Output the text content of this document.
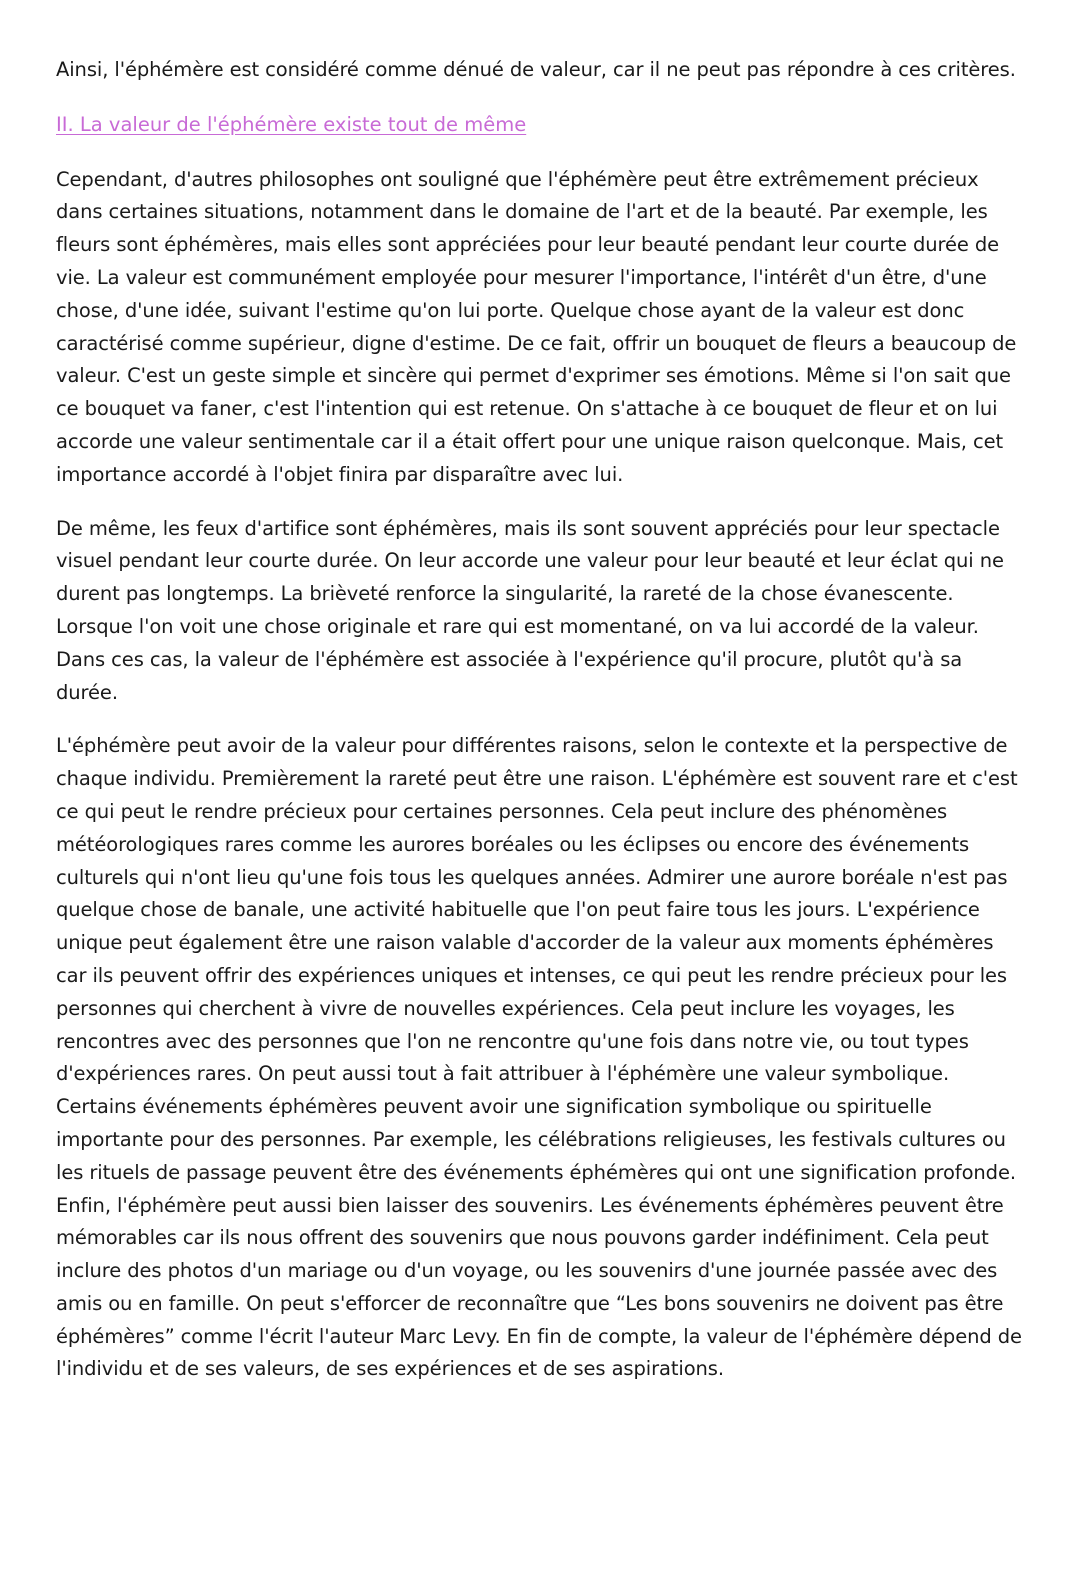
Ainsi, l'éphémère est considéré comme dénué de valeur, car il ne peut pas répondre à ces critères.

II. La valeur de l'éphémère existe tout de même

Cependant, d'autres philosophes ont souligné que l'éphémère peut être extrêmement précieux dans certaines situations, notamment dans le domaine de l'art et de la beauté. Par exemple, les fleurs sont éphémères, mais elles sont appréciées pour leur beauté pendant leur courte durée de vie. La valeur est communément employée pour mesurer l'importance, l'intérêt d'un être, d'une chose, d'une idée, suivant l'estime qu'on lui porte. Quelque chose ayant de la valeur est donc caractérisé comme supérieur, digne d'estime. De ce fait, offrir un bouquet de fleurs a beaucoup de valeur. C'est un geste simple et sincère qui permet d'exprimer ses émotions. Même si l'on sait que ce bouquet va faner, c'est l'intention qui est retenue. On s'attache à ce bouquet de fleur et on lui accorde une valeur sentimentale car il a était offert pour une unique raison quelconque. Mais, cet importance accordé à l'objet finira par disparaître avec lui.

De même, les feux d'artifice sont éphémères, mais ils sont souvent appréciés pour leur spectacle visuel pendant leur courte durée. On leur accorde une valeur pour leur beauté et leur éclat qui ne durent pas longtemps. La brièveté renforce la singularité, la rareté de la chose évanescente. Lorsque l'on voit une chose originale et rare qui est momentané, on va lui accordé de la valeur. Dans ces cas, la valeur de l'éphémère est associée à l'expérience qu'il procure, plutôt qu'à sa durée.

L'éphémère peut avoir de la valeur pour différentes raisons, selon le contexte et la perspective de chaque individu. Premièrement la rareté peut être une raison. L'éphémère est souvent rare et c'est ce qui peut le rendre précieux pour certaines personnes. Cela peut inclure des phénomènes météorologiques rares comme les aurores boréales ou les éclipses ou encore des événements culturels qui n'ont lieu qu'une fois tous les quelques années. Admirer une aurore boréale n'est pas quelque chose de banale, une activité habituelle que l'on peut faire tous les jours. L'expérience unique peut également être une raison valable d'accorder de la valeur aux moments éphémères car ils peuvent offrir des expériences uniques et intenses, ce qui peut les rendre précieux pour les personnes qui cherchent à vivre de nouvelles expériences. Cela peut inclure les voyages, les rencontres avec des personnes que l'on ne rencontre qu'une fois dans notre vie, ou tout types d'expériences rares. On peut aussi tout à fait attribuer à l'éphémère une valeur symbolique. Certains événements éphémères peuvent avoir une signification symbolique ou spirituelle importante pour des personnes. Par exemple, les célébrations religieuses, les festivals cultures ou les rituels de passage peuvent être des événements éphémères qui ont une signification profonde. Enfin, l'éphémère peut aussi bien laisser des souvenirs. Les événements éphémères peuvent être mémorables car ils nous offrent des souvenirs que nous pouvons garder indéfiniment. Cela peut inclure des photos d'un mariage ou d'un voyage, ou les souvenirs d'une journée passée avec des amis ou en famille. On peut s'efforcer de reconnaître que “Les bons souvenirs ne doivent pas être éphémères” comme l'écrit l'auteur Marc Levy. En fin de compte, la valeur de l'éphémère dépend de l'individu et de ses valeurs, de ses expériences et de ses aspirations.
